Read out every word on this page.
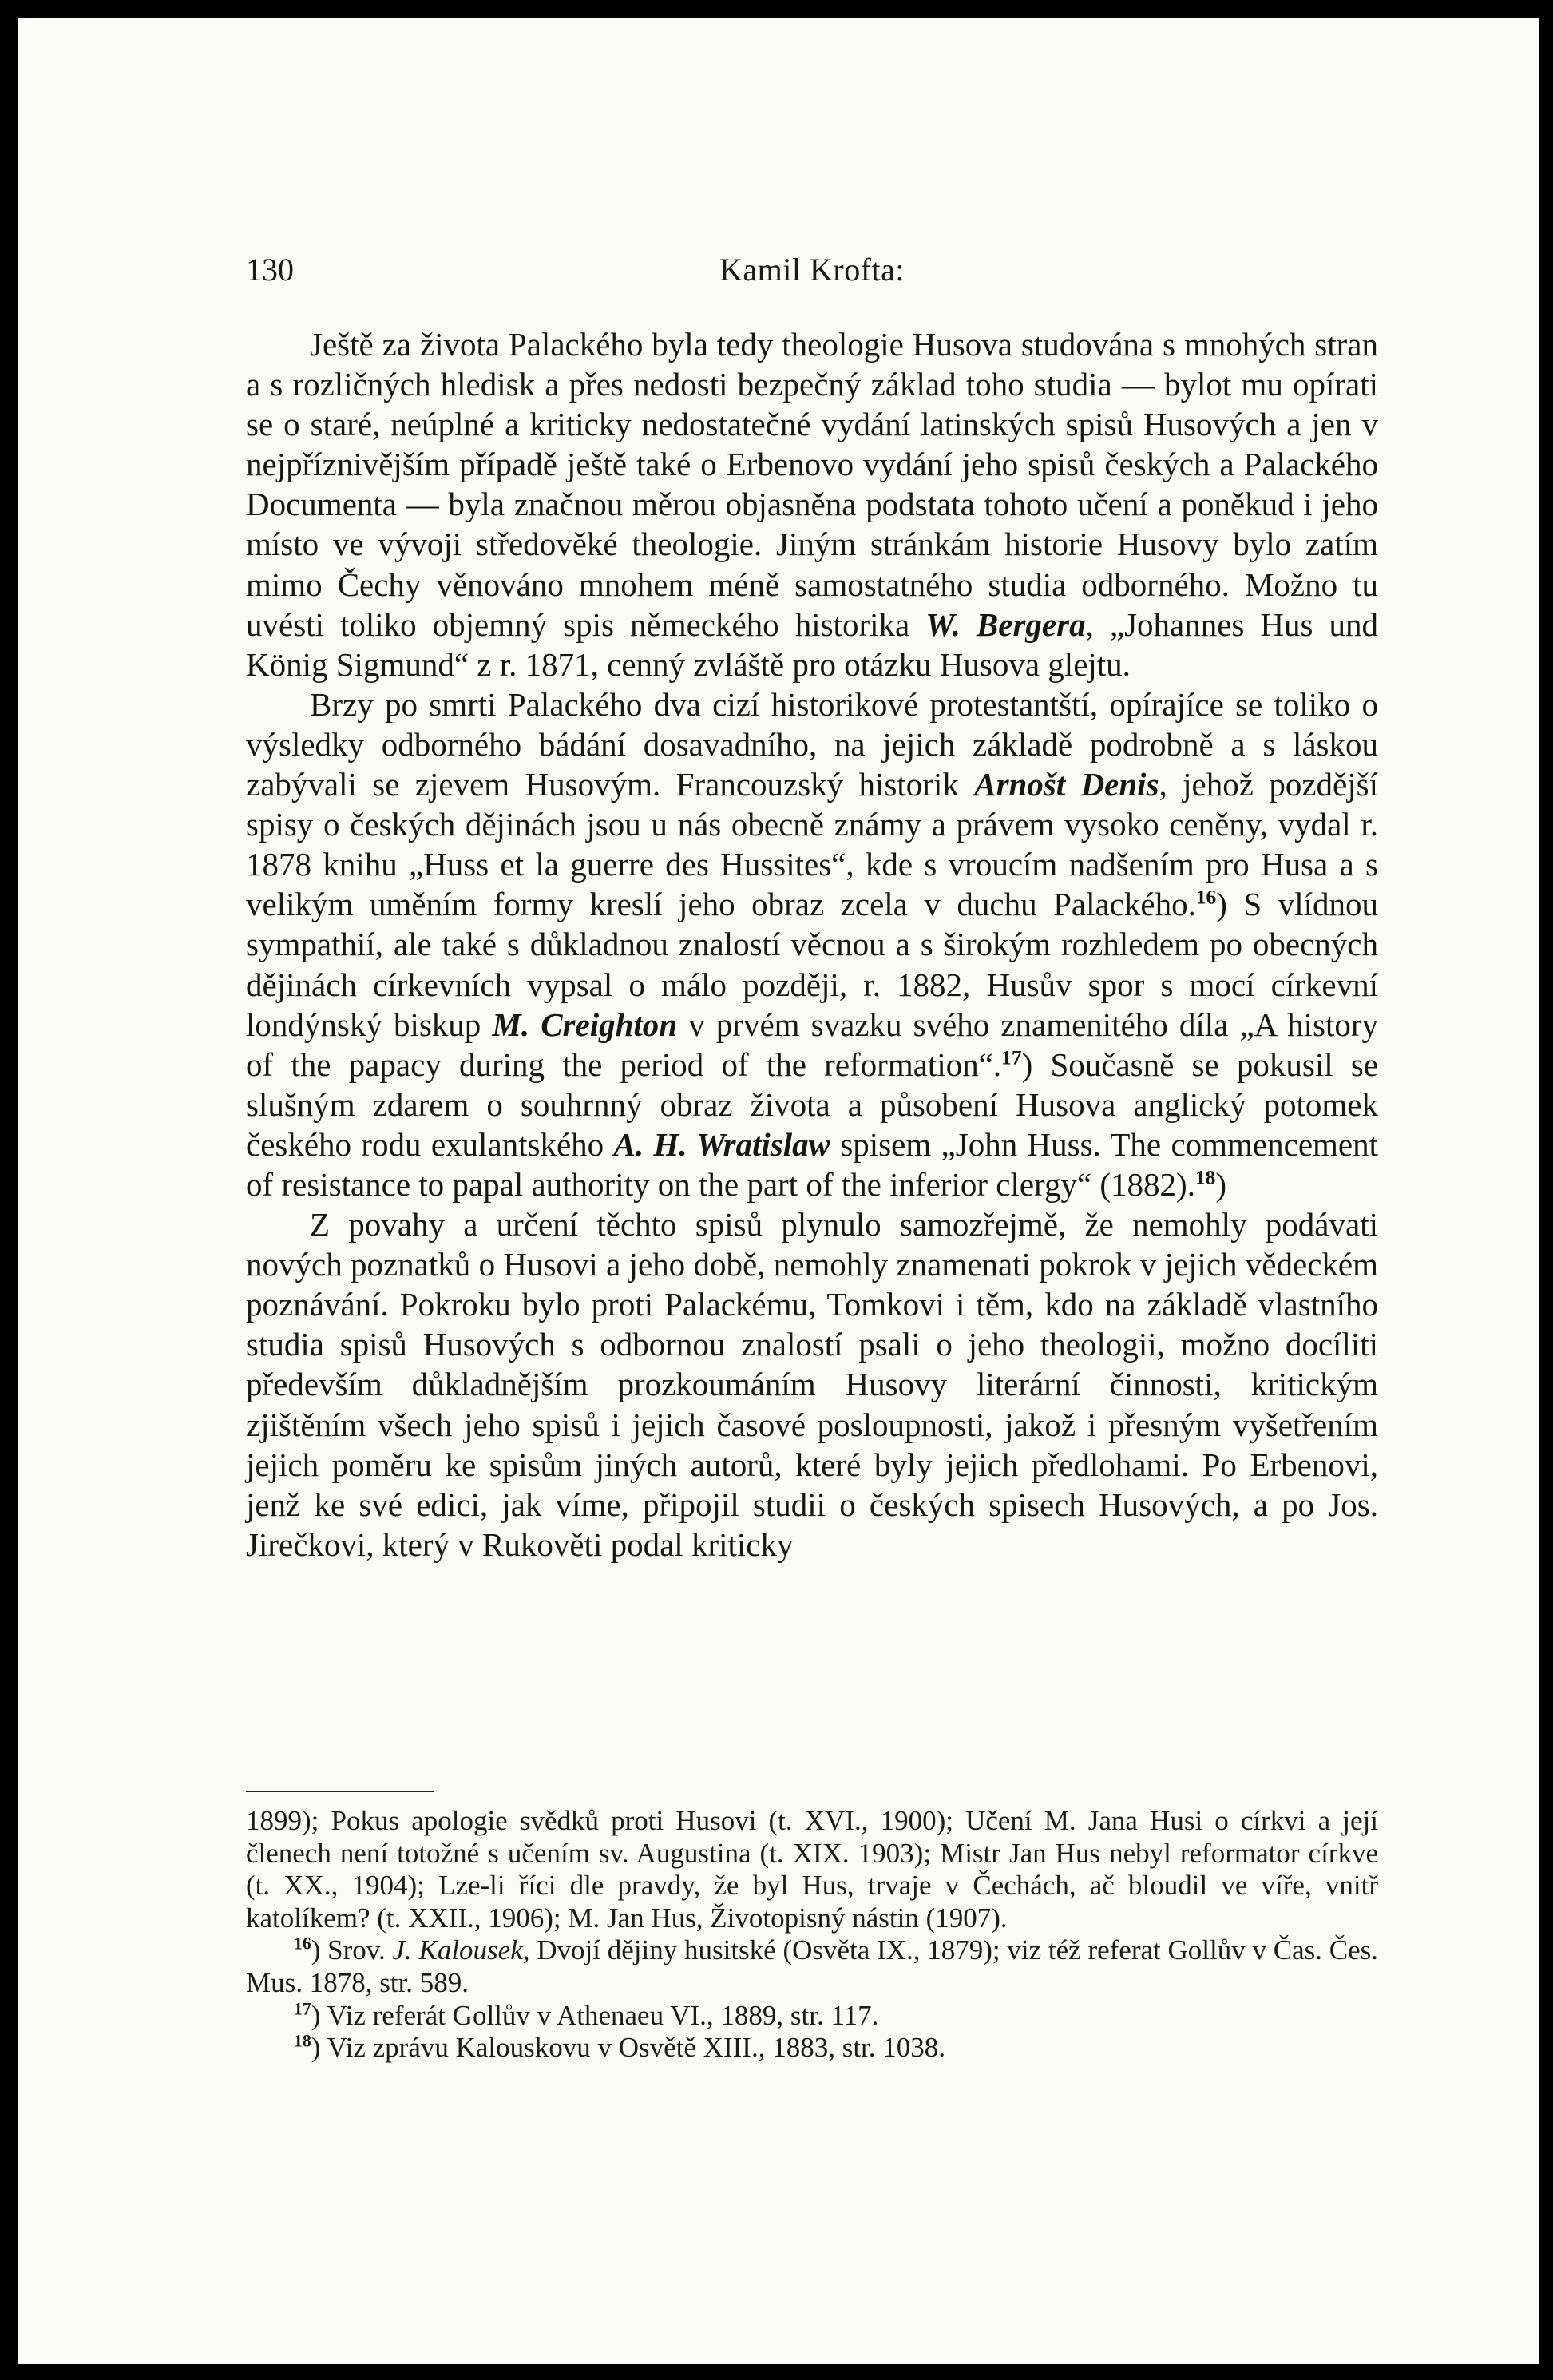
130	Kamil Krofta:

Ještě za života Palackého byla tedy theologie Husova studována s mnohých stran a s rozličných hledisk a přes nedosti bezpečný základ toho studia — bylot mu opírati se o staré, neúplné a kriticky nedostatečné vydání latinských spisů Husových a jen v nejpříznivějším případě ještě také o Erbenovo vydání jeho spisů českých a Palackého Documenta — byla značnou měrou objasněna podstata tohoto učení a poněkud i jeho místo ve vývoji středověké theologie. Jiným stránkám historie Husovy bylo zatím mimo Čechy věnováno mnohem méně samostatného studia odborného. Možno tu uvésti toliko objemný spis německého historika W. Bergera, „Johannes Hus und König Sigmund“ z r. 1871, cenný zvláště pro otázku Husova glejtu.

Brzy po smrti Palackého dva cizí historikové protestantští, opírajíce se toliko o výsledky odborného bádání dosavadního, na jejich základě podrobně a s láskou zabývali se zjevem Husovým. Francouzský historik Arnošt Denis, jehož pozdější spisy o českých dějinách jsou u nás obecně známy a právem vysoko ceněny, vydal r. 1878 knihu „Huss et la guerre des Hussites“, kde s vroucím nadšením pro Husa a s velikým uměním formy kreslí jeho obraz zcela v duchu Palackého.$^{16}$) S vlídnou sympathií, ale také s důkladnou znalostí věcnou a s širokým rozhledem po obecných dějinách církevních vypsal o málo později, r. 1882, Husův spor s mocí církevní londýnský biskup M. Creighton v prvém svazku svého znamenitého díla „A history of the papacy during the period of the reformation“.$^{17}$) Současně se pokusil se slušným zdarem o souhrnný obraz života a působení Husova anglický potomek českého rodu exulantského A. H. Wratislaw spisem „John Huss. The commencement of resistance to papal authority on the part of the inferior clergy“ (1882).$^{18}$)

Z povahy a určení těchto spisů plynulo samozřejmě, že nemohly podávati nových poznatků o Husovi a jeho době, nemohly znamenati pokrok v jejich vědeckém poznávání. Pokroku bylo proti Palackému, Tomkovi i těm, kdo na základě vlastního studia spisů Husových s odbornou znalostí psali o jeho theologii, možno docíliti především důkladnějším prozkoumáním Husovy literární činnosti, kritickým zjištěním všech jeho spisů i jejich časové posloupnosti, jakož i přesným vyšetřením jejich poměru ke spisům jiných autorů, které byly jejich předlohami. Po Erbenovi, jenž ke své edici, jak víme, připojil studii o českých spisech Husových, a po Jos. Jirečkovi, který v Rukověti podal kriticky

1899); Pokus apologie svědků proti Husovi (t. XVI., 1900); Učení M. Jana Husi o církvi a její členech není totožné s učením sv. Augustina (t. XIX. 1903); Mistr Jan Hus nebyl reformator církve (t. XX., 1904); Lze-li říci dle pravdy, že byl Hus, trvaje v Čechách, ač bloudil ve víře, vnitř katolíkem? (t. XXII., 1906); M. Jan Hus, Životopisný nástin (1907).

$^{16}$) Srov. J. Kalousek, Dvojí dějiny husitské (Osvěta IX., 1879); viz též referat Gollův v Čas. Čes. Mus. 1878, str. 589.

$^{17}$) Viz referát Gollův v Athenaeu VI., 1889, str. 117.

$^{18}$) Viz zprávu Kalouskovu v Osvětě XIII., 1883, str. 1038.
